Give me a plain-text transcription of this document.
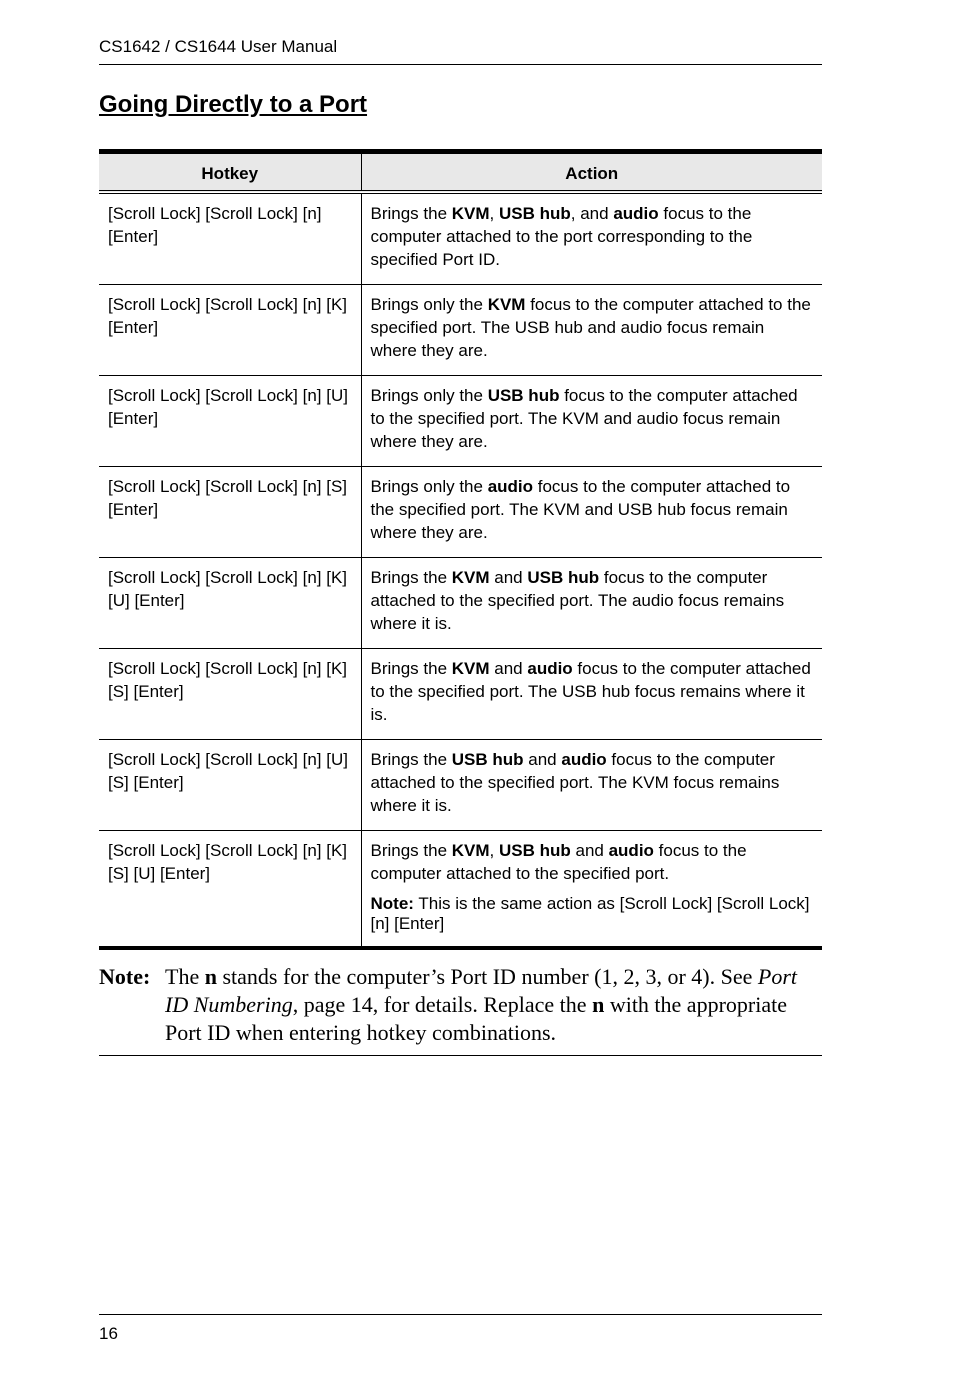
CS1642 / CS1644 User Manual
Going Directly to a Port
Hotkey	Action
[Scroll Lock] [Scroll Lock] [n] [Enter]	Brings the KVM, USB hub, and audio focus to the computer attached to the port corresponding to the specified Port ID.

[Scroll Lock] [Scroll Lock] [n] [K] [Enter]	Brings only the KVM focus to the computer attached to the specified port. The USB hub and audio focus remain where they are.

[Scroll Lock] [Scroll Lock] [n] [U] [Enter]	Brings only the USB hub focus to the computer attached to the specified port. The KVM and audio focus remain where they are.

[Scroll Lock] [Scroll Lock] [n] [S] [Enter]	Brings only the audio focus to the computer attached to the specified port. The KVM and USB hub focus remain where they are.

[Scroll Lock] [Scroll Lock] [n] [K] [U] [Enter]	Brings the KVM and USB hub focus to the computer attached to the specified port. The audio focus remains where it is.

[Scroll Lock] [Scroll Lock] [n] [K] [S] [Enter]	Brings the KVM and audio focus to the computer attached to the specified port. The USB hub focus remains where it is.

[Scroll Lock] [Scroll Lock] [n] [U] [S] [Enter]	Brings the USB hub and audio focus to the computer attached to the specified port. The KVM focus remains where it is.

[Scroll Lock] [Scroll Lock] [n] [K] [S] [U] [Enter]	Brings the KVM, USB hub and audio focus to the computer attached to the specified port.
Note: This is the same action as [Scroll Lock] [Scroll Lock] [n] [Enter]
Note: The n stands for the computer’s Port ID number (1, 2, 3, or 4). See Port ID Numbering, page 14, for details. Replace the n with the appropriate Port ID when entering hotkey combinations.
16
